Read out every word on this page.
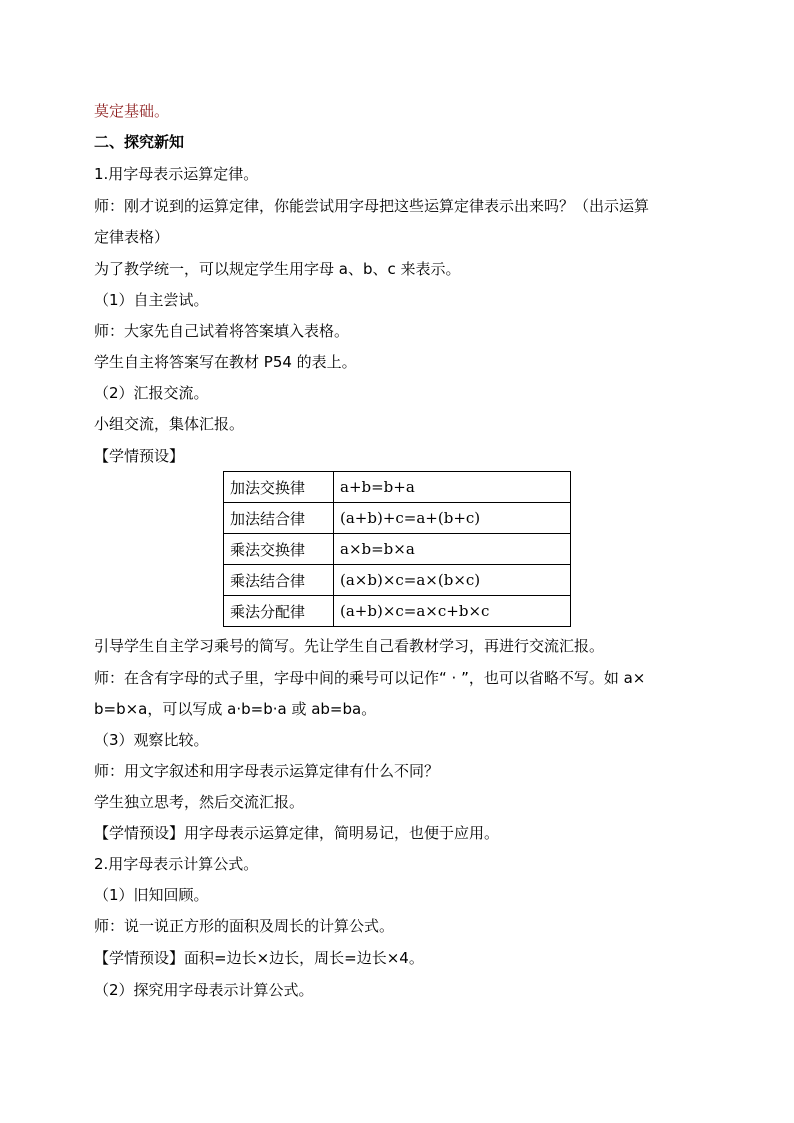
莫定基础。
二、探究新知
1.用字母表示运算定律。
师：刚才说到的运算定律，你能尝试用字母把这些运算定律表示出来吗？（出示运算
定律表格）
为了教学统一，可以规定学生用字母 a、b、c 来表示。
（1）自主尝试。
师：大家先自己试着将答案填入表格。
学生自主将答案写在教材 P54 的表上。
（2）汇报交流。
小组交流，集体汇报。
【学情预设】
加法交换律	a+b=b+a
加法结合律	(a+b)+c=a+(b+c)
乘法交换律	a×b=b×a
乘法结合律	(a×b)×c=a×(b×c)
乘法分配律	(a+b)×c=a×c+b×c
引导学生自主学习乘号的简写。先让学生自己看教材学习，再进行交流汇报。
师：在含有字母的式子里，字母中间的乘号可以记作“ · ”，也可以省略不写。如 a×
b=b×a，可以写成 a·b=b·a 或 ab=ba。
（3）观察比较。
师：用文字叙述和用字母表示运算定律有什么不同？
学生独立思考，然后交流汇报。
【学情预设】用字母表示运算定律，简明易记，也便于应用。
2.用字母表示计算公式。
（1）旧知回顾。
师：说一说正方形的面积及周长的计算公式。
【学情预设】面积=边长×边长，周长=边长×4。
（2）探究用字母表示计算公式。
